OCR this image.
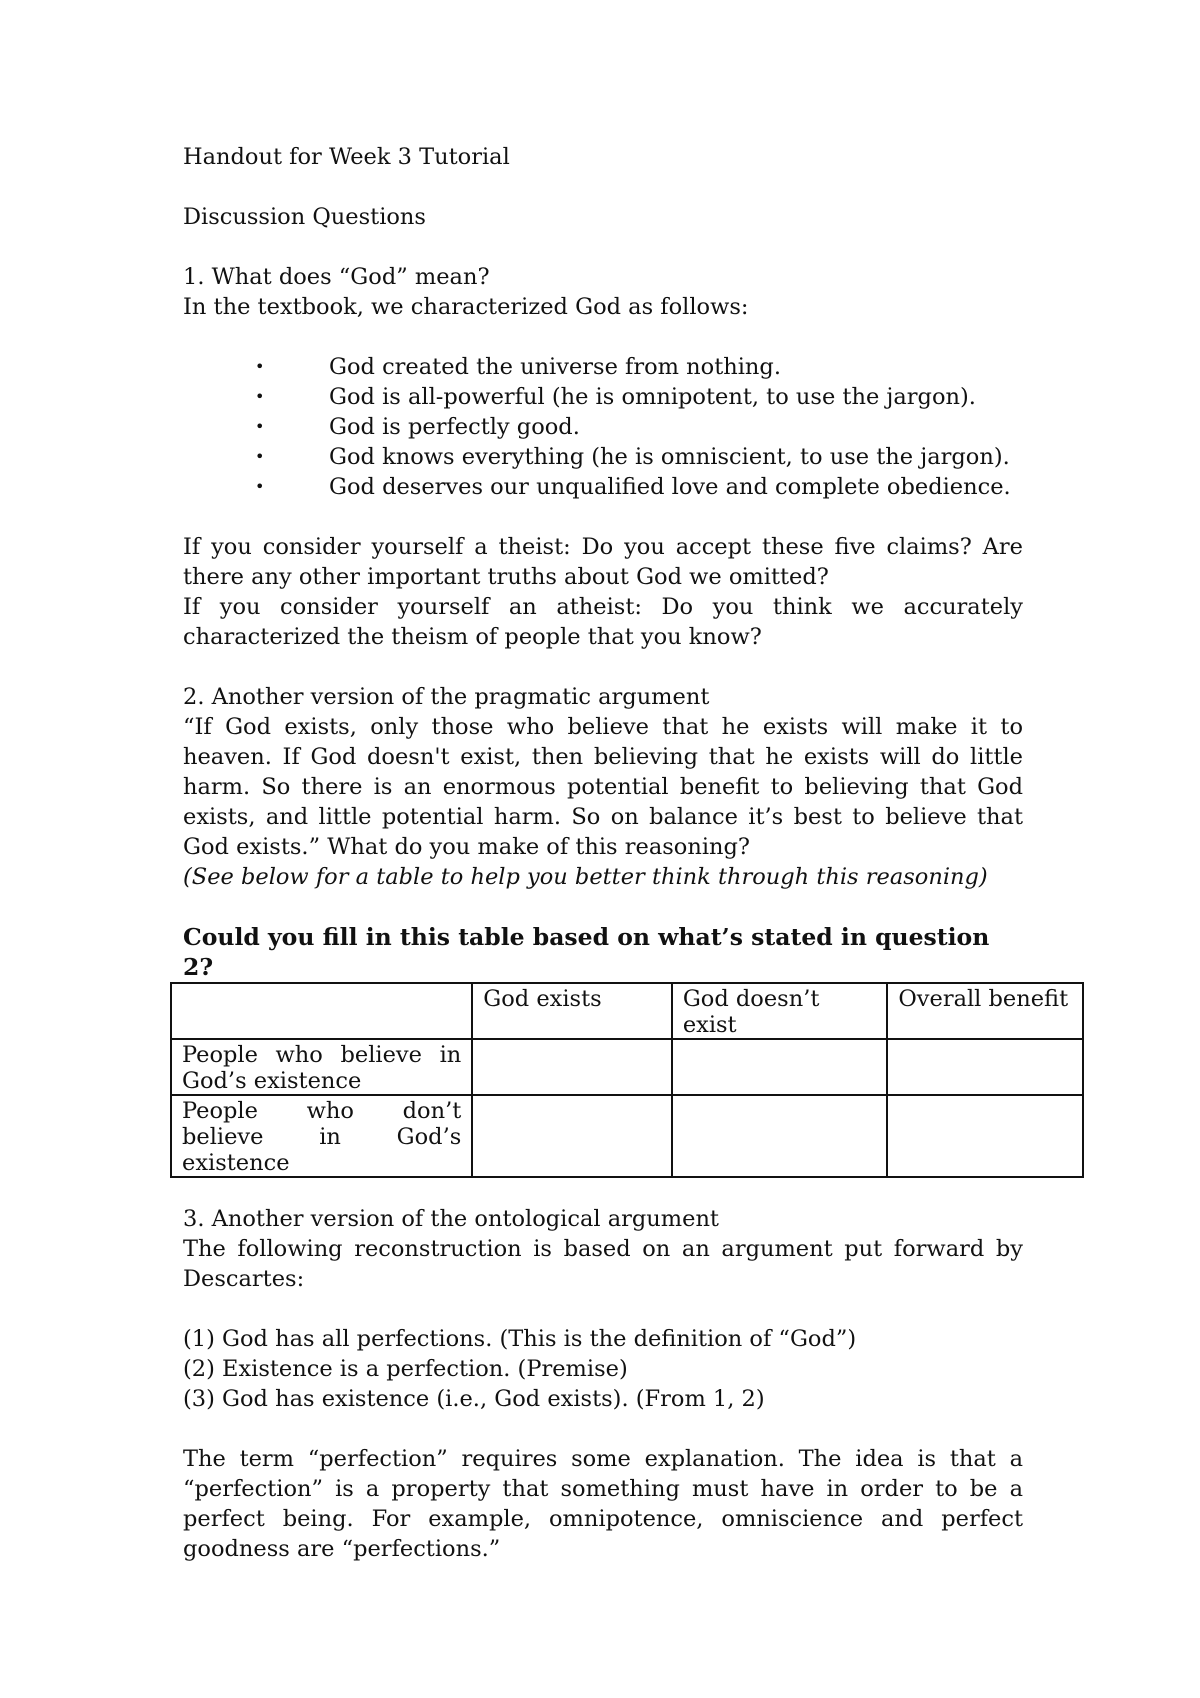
Handout for Week 3 Tutorial

Discussion Questions

1. What does “God” mean?

In the textbook, we characterized God as follows:

•	God created the universe from nothing.
•	God is all-powerful (he is omnipotent, to use the jargon).
•	God is perfectly good.
•	God knows everything (he is omniscient, to use the jargon).
•	God deserves our unqualified love and complete obedience.

If you consider yourself a theist: Do you accept these five claims? Are there any other important truths about God we omitted?

If you consider yourself an atheist: Do you think we accurately characterized the theism of people that you know?

2. Another version of the pragmatic argument

“If God exists, only those who believe that he exists will make it to heaven. If God doesn't exist, then believing that he exists will do little harm. So there is an enormous potential benefit to believing that God exists, and little potential harm. So on balance it’s best to believe that God exists.” What do you make of this reasoning?

(See below for a table to help you better think through this reasoning)

Could you fill in this table based on what’s stated in question 2?

	God exists	God doesn’t exist	Overall benefit
People who believe in God’s existence			
People who don’t believe in God’s existence			

3. Another version of the ontological argument

The following reconstruction is based on an argument put forward by Descartes:

(1) God has all perfections. (This is the definition of “God”)

(2) Existence is a perfection. (Premise)

(3) God has existence (i.e., God exists). (From 1, 2)

The term “perfection” requires some explanation. The idea is that a “perfection” is a property that something must have in order to be a perfect being. For example, omnipotence, omniscience and perfect goodness are “perfections.”
